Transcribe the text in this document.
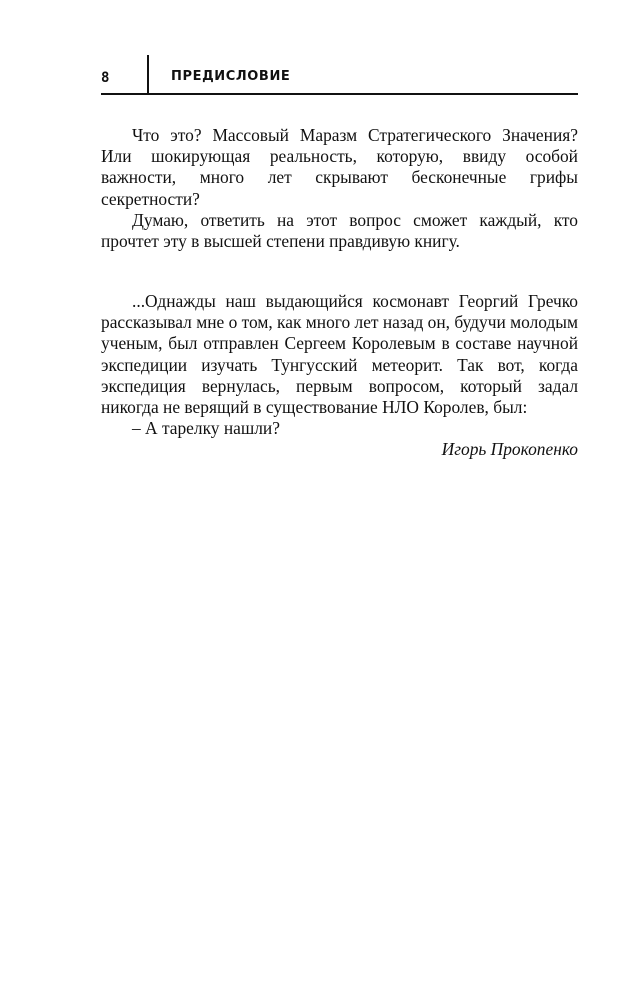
8	ПРЕДИСЛОВИЕ

Что это? Массовый Маразм Стратегического Значения? Или шокирующая реальность, которую, ввиду особой важности, много лет скрывают бесконечные грифы секретности?

Думаю, ответить на этот вопрос сможет каждый, кто прочтет эту в высшей степени правдивую книгу.

...Однажды наш выдающийся космонавт Георгий Гречко рассказывал мне о том, как много лет назад он, будучи молодым ученым, был отправлен Сергеем Королевым в составе научной экспедиции изучать Тунгусский метеорит. Так вот, когда экспедиция вернулась, первым вопросом, который задал никогда не верящий в существование НЛО Королев, был:

– А тарелку нашли?

Игорь Прокопенко
